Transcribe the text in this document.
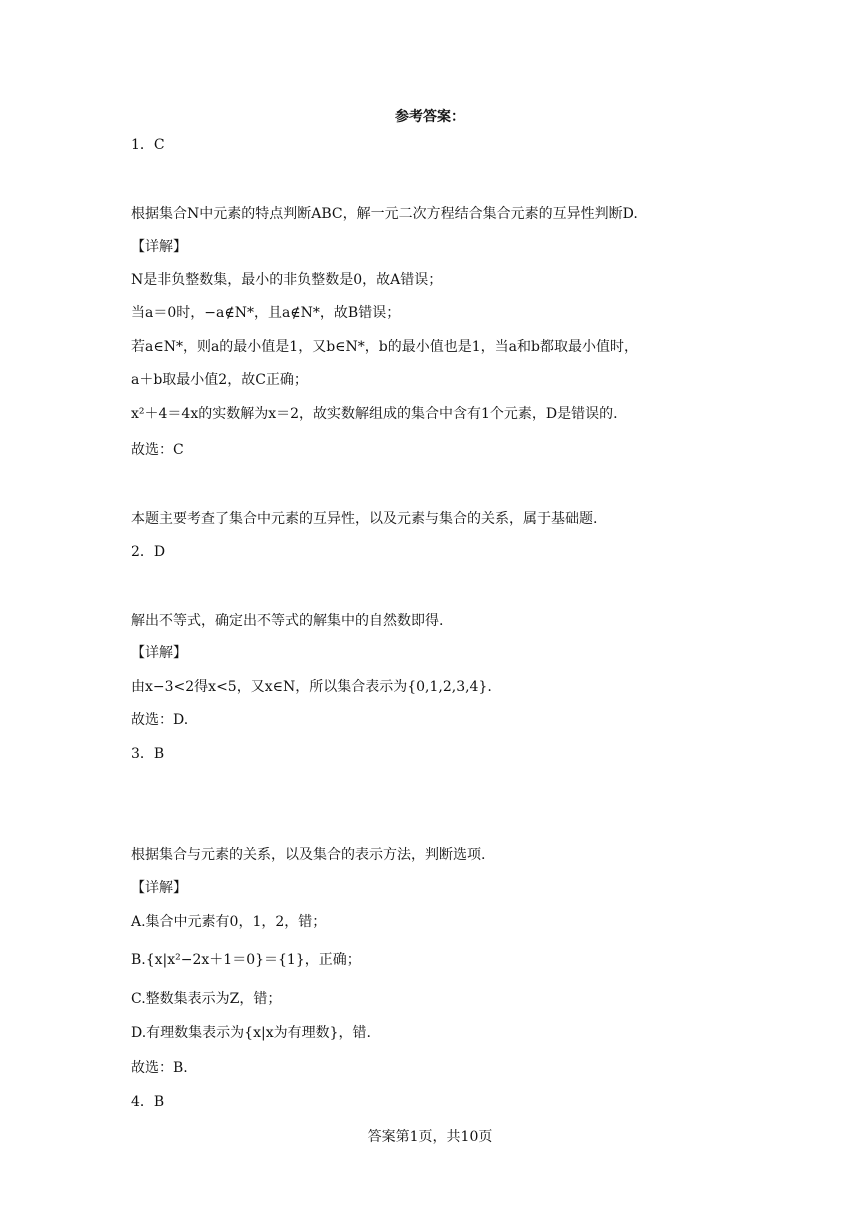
参考答案：
1．C
根据集合N中元素的特点判断ABC，解一元二次方程结合集合元素的互异性判断D.
【详解】
N是非负整数集，最小的非负整数是0，故A错误；
当a＝0时，−a∉N*，且a∉N*，故B错误；
若a∈N*，则a的最小值是1，又b∈N*，b的最小值也是1，当a和b都取最小值时，
a＋b取最小值2，故C正确；
x²＋4＝4x的实数解为x＝2，故实数解组成的集合中含有1个元素，D是错误的.
故选：C
本题主要考查了集合中元素的互异性，以及元素与集合的关系，属于基础题.
2．D
解出不等式，确定出不等式的解集中的自然数即得.
【详解】
由x−3<2得x<5，又x∈N，所以集合表示为{0,1,2,3,4}.
故选：D.
3．B
根据集合与元素的关系，以及集合的表示方法，判断选项.
【详解】
A.集合中元素有0，1，2，错；
B.{x|x²−2x＋1＝0}＝{1}，正确；
C.整数集表示为Z，错；
D.有理数集表示为{x|x为有理数}，错.
故选：B.
4．B
答案第1页，共10页
